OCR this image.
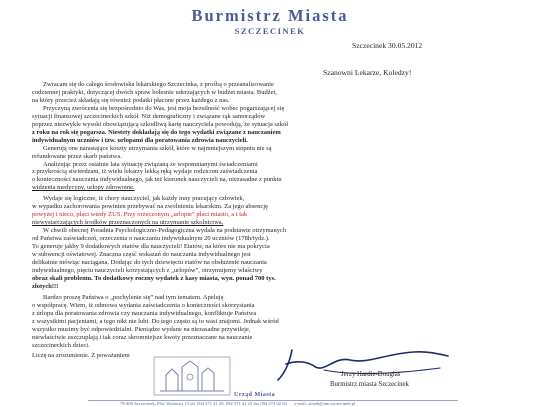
Burmistrz Miasta
SZCZECINEK
Szczecinek 30.05.2012
Szanowni Lekarze, Koledzy!
Zwracam się do całego środowiska lekarskiego Szczecinka, z prośbą o przeanalizowanie
codziennej praktyki, dotyczącej dwóch spraw bolesnie uderzających w budżet miasta. Budżet,
na który przecież składają się również podatki płacone przez każdego z nas.
Przyczyną zwrócenia się bezpośrednio do Was, jest moja bezsilność wobec pogarszającej się
sytuacji finansowej szczecineckich szkół. Niż demograficzny i związane rąk samorządów
poprzez niezwykle wysoki obowiązującą szkodliwą kartę nauczyciela powodują, że sytuacja szkół
z roku na rok się pogarsza. Niestety dokładają się do tego wydatki związane z nauczaniem
indywidualnym uczniów i tzw. urlopami dla poratowania zdrowia nauczycieli.
Generują one narastające koszty utrzymania szkół, które w najmniejszym stopniu nie są
refundowane przez skarb państwa.
Analizując przez ostatnie lata sytuację związaną ze wspomnianymi świadczeniami
z przykrością stwierdzam, iż wielu lekarzy lekką ręką wydaje rodzicom zaświadczenia
o konieczności nauczania indywidualnego, jak też kierunek nauczycieli na, niezasadne z punktu
widzenia medycyny, urlopy zdrowotne.
Wydaje się logiczne, iż chory nauczyciel, jak każdy inny pracujący człowiek,
w wypadku zachorowania powinien przebywać na zwolnieniu lekarskim. Za jego absencję
powyżej i nieco, płaci wtedy ZUS. Przy orzeczonym „urlopie” płaci miasto, a i tak
niewystarczających środków przeznaczonych na utrzymanie szkolnictwa.
W chwili obecnej Poradnia Psychologiczno-Pedagogiczna wydała na podstawie otrzymanych
od Państwa zaświadczeń, orzeczenia o nauczaniu indywidualnym 20 uczniów (178h/tydz.).
To generuje jakby 9 dodatkowych etatów dla nauczycieli! Etatów, na które nie ma pokrycia
w subwencji oświatowej. Znaczna część wskazań do nauczania indywidualnego jest
delikatnie mówiąc naciągana. Dodając do tych dziewięciu etatów na obsłużenie nauczania
indywidualnego, pięciu nauczycieli korzystających z „urlopów”, otrzymujemy właściwy
obraz skali problemu. To dodatkowy roczny wydatek z kasy miasta, wyn. ponad 700 tys.
złotych!!!
Bardzo proszę Państwa o „pochylenie się” nad tym tematem. Apeluję
o współpracę. Wiem, iż odmowa wydania zaświadczenia o konieczności skorzystania
z urlopu dla poratowania zdrowia czy nauczania indywidualnego, konfliktuje Państwa
z wszystkimi pacjentami, a tego nikt nie lubi. Do tego często są to wasi znajomi. Jednak wśród
wszystko musimy być odpowiedzialni. Pieniądze wydane na niezasadne przywileje,
niewłaściwie uszczuplają i tak coraz skromniejsze kwoty przeznaczane na nauczanie
szczecineckich dzieci.
Liczę na zrozumienie. Z poważaniem
Jerzy Hardie-Douglas
Burmistrz miasta Szczecinek
Urząd Miasta
78-400 Szczecinek, Plac Wolności 13 tel. 094 371 41 58, 094 371 41 23 fax 094 374 02 04 e-mail: ztrzeb@um.szczecinek.pl
